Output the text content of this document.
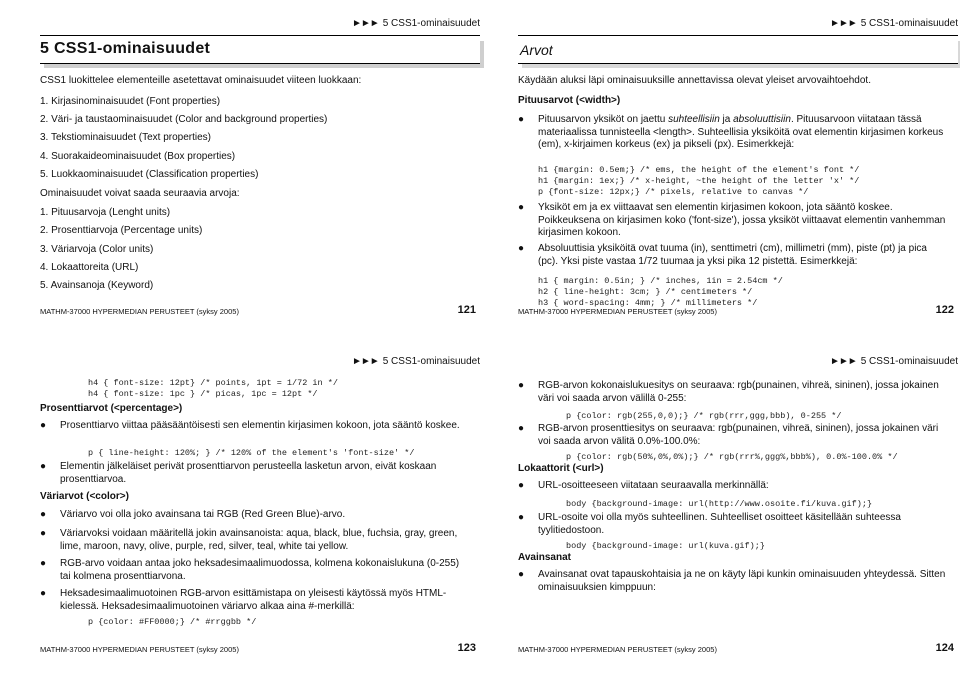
►►► 5 CSS1-ominaisuudet
5 CSS1-ominaisuudet
CSS1 luokittelee elementeille asetettavat ominaisuudet viiteen luokkaan:
1. Kirjasinominaisuudet (Font properties)
2. Väri- ja taustaominaisuudet (Color and background properties)
3. Tekstiominaisuudet (Text properties)
4. Suorakaideominaisuudet (Box properties)
5. Luokkaominaisuudet (Classification properties)
Ominaisuudet voivat saada seuraavia arvoja:
1. Pituusarvoja (Lenght units)
2. Prosenttiarvoja (Percentage units)
3. Väriarvoja (Color units)
4. Lokaattoreita (URL)
5. Avainsanoja (Keyword)
MATHM-37000 HYPERMEDIAN PERUSTEET (syksy 2005)	121
►►► 5 CSS1-ominaisuudet
Arvot
Käydään aluksi läpi ominaisuuksille annettavissa olevat yleiset arvovaihtoehdot.
Pituusarvot (<width>)
● Pituusarvon yksiköt on jaettu suhteellisiin ja absoluuttisiin. Pituusarvoon viitataan tässä materiaalissa tunnisteella <length>. Suhteellisia yksiköitä ovat elementin kirjasimen korkeus (em), x-kirjaimen korkeus (ex) ja pikseli (px). Esimerkkejä:
h1 {margin: 0.5em;} /* ems, the height of the element's font */
h1 {margin: 1ex;} /* x-height, ~the height of the letter 'x' */
p {font-size: 12px;} /* pixels, relative to canvas */
● Yksiköt em ja ex viittaavat sen elementin kirjasimen kokoon, jota sääntö koskee. Poikkeuksena on kirjasimen koko ('font-size'), jossa yksiköt viittaavat elementin vanhemman kirjasimen kokoon.
● Absoluuttisia yksiköitä ovat tuuma (in), senttimetri (cm), millimetri (mm), piste (pt) ja pica (pc). Yksi piste vastaa 1/72 tuumaa ja yksi pika 12 pistettä. Esimerkkejä:
h1 { margin: 0.5in; } /* inches, 1in = 2.54cm */
h2 { line-height: 3cm; } /* centimeters */
h3 { word-spacing: 4mm; } /* millimeters */
MATHM-37000 HYPERMEDIAN PERUSTEET (syksy 2005)	122
►►► 5 CSS1-ominaisuudet
h4 { font-size: 12pt} /* points, 1pt = 1/72 in */
h4 { font-size: 1pc } /* picas, 1pc = 12pt */
Prosenttiarvot (<percentage>)
● Prosenttiarvo viittaa pääsääntöisesti sen elementin kirjasimen kokoon, jota sääntö koskee.
p { line-height: 120%; } /* 120% of the element's 'font-size' */
● Elementin jälkeläiset perivät prosenttiarvon perusteella lasketun arvon, eivät koskaan prosenttiarvoa.
Väriarvot (<color>)
● Väriarvo voi olla joko avainsana tai RGB (Red Green Blue)-arvo.
● Väriarvoksi voidaan määritellä jokin avainsanoista: aqua, black, blue, fuchsia, gray, green, lime, maroon, navy, olive, purple, red, silver, teal, white tai yellow.
● RGB-arvo voidaan antaa joko heksadesimaalimuodossa, kolmena kokonaislukuna (0-255) tai kolmena prosenttiarvona.
● Heksadesimaalimuotoinen RGB-arvon esittämistapa on yleisesti käytössä myös HTML-kielessä. Heksadesimaalimuotoinen väriarvo alkaa aina #-merkillä:
p {color: #FF0000;} /* #rrggbb */
MATHM-37000 HYPERMEDIAN PERUSTEET (syksy 2005)	123
►►► 5 CSS1-ominaisuudet
● RGB-arvon kokonaislukuesitys on seuraava: rgb(punainen, vihreä, sininen), jossa jokainen väri voi saada arvon välillä 0-255:
p {color: rgb(255,0,0);} /* rgb(rrr,ggg,bbb), 0-255 */
● RGB-arvon prosenttiesitys on seuraava: rgb(punainen, vihreä, sininen), jossa jokainen väri voi saada arvon välitä 0.0%-100.0%:
p {color: rgb(50%,0%,0%);} /* rgb(rrr%,ggg%,bbb%), 0.0%-100.0% */
Lokaattorit (<url>)
● URL-osoitteeseen viitataan seuraavalla merkinnällä:
body {background-image: url(http://www.osoite.fi/kuva.gif);}
● URL-osoite voi olla myös suhteellinen. Suhteelliset osoitteet käsitellään suhteessa tyylitiedostoon.
body {background-image: url(kuva.gif);}
Avainsanat
● Avainsanat ovat tapauskohtaisia ja ne on käyty läpi kunkin ominaisuuden yhteydessä. Sitten ominaisuuksien kimppuun:
MATHM-37000 HYPERMEDIAN PERUSTEET (syksy 2005)	124
